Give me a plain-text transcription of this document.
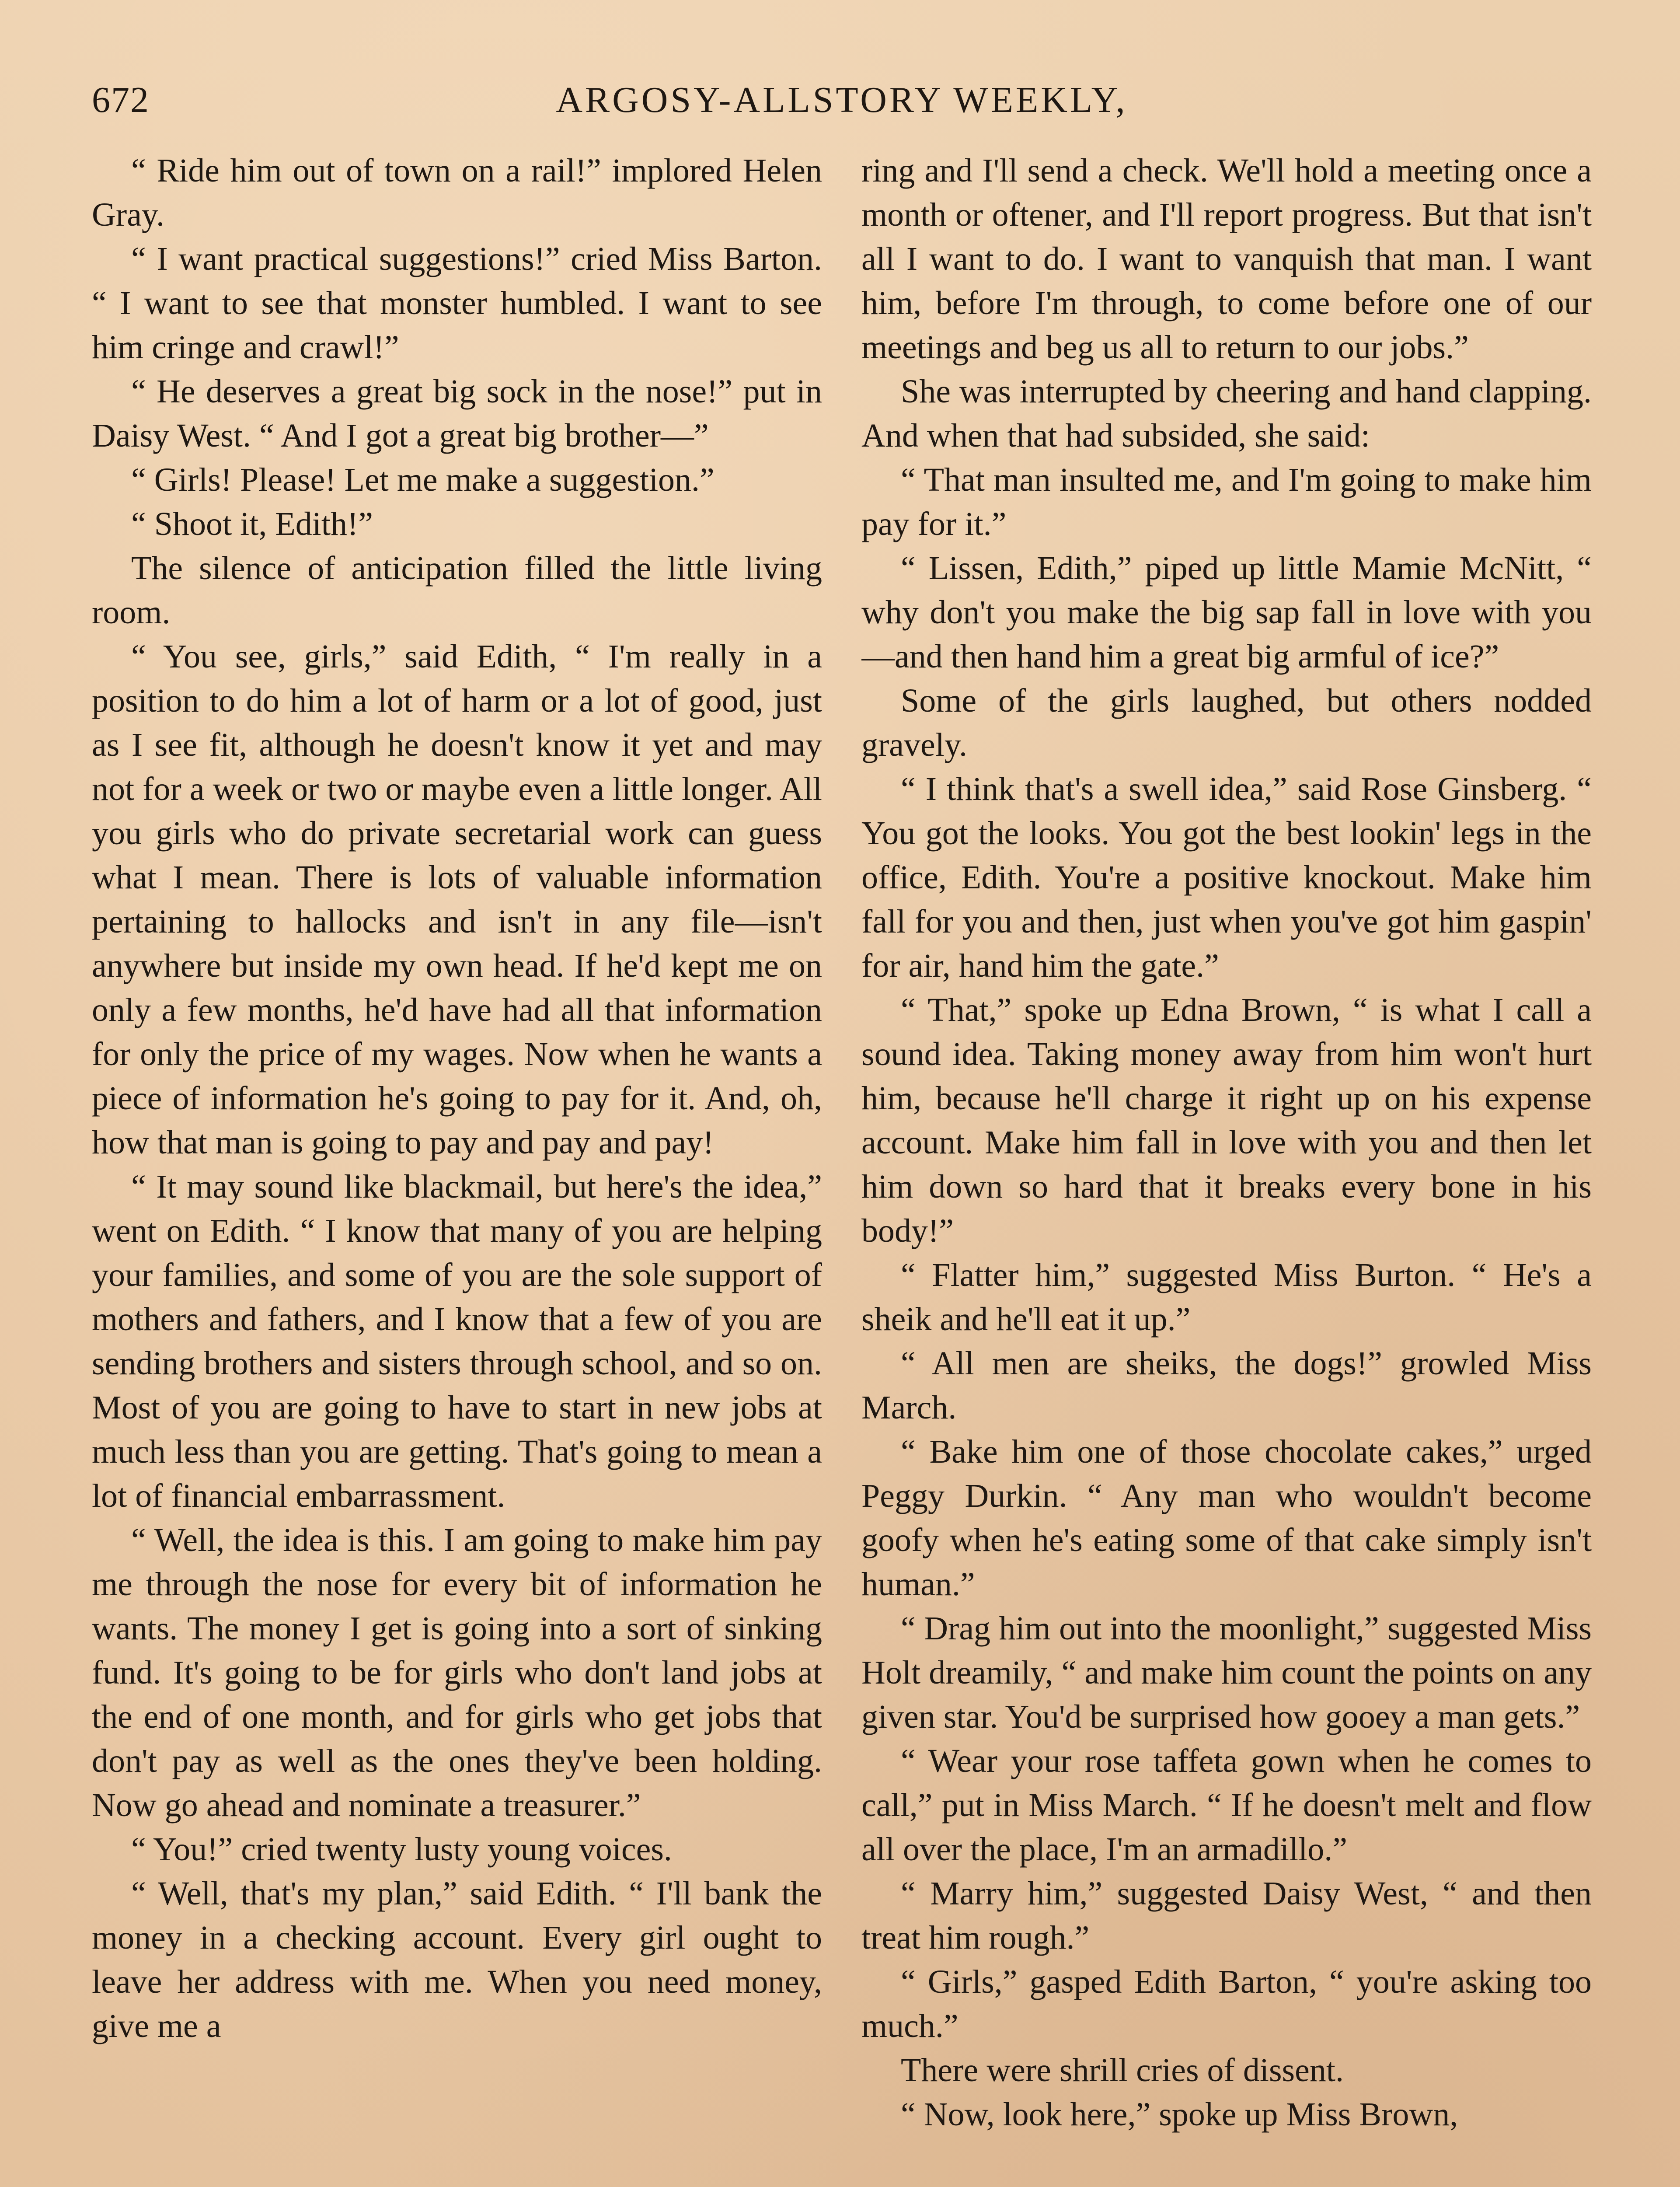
672	ARGOSY-ALLSTORY WEEKLY,

“ Ride him out of town on a rail!” implored Helen Gray.

“ I want practical suggestions!” cried Miss Barton. “ I want to see that monster humbled. I want to see him cringe and crawl!”

“ He deserves a great big sock in the nose!” put in Daisy West. “ And I got a great big brother—”

“ Girls! Please! Let me make a suggestion.”

“ Shoot it, Edith!”

The silence of anticipation filled the little living room.

“ You see, girls,” said Edith, “ I'm really in a position to do him a lot of harm or a lot of good, just as I see fit, although he doesn't know it yet and may not for a week or two or maybe even a little longer. All you girls who do private secretarial work can guess what I mean. There is lots of valuable information pertaining to hallocks and isn't in any file—isn't anywhere but inside my own head. If he'd kept me on only a few months, he'd have had all that information for only the price of my wages. Now when he wants a piece of information he's going to pay for it. And, oh, how that man is going to pay and pay and pay!

“ It may sound like blackmail, but here's the idea,” went on Edith. “ I know that many of you are helping your families, and some of you are the sole support of mothers and fathers, and I know that a few of you are sending brothers and sisters through school, and so on. Most of you are going to have to start in new jobs at much less than you are getting. That's going to mean a lot of financial embarrassment.

“ Well, the idea is this. I am going to make him pay me through the nose for every bit of information he wants. The money I get is going into a sort of sinking fund. It's going to be for girls who don't land jobs at the end of one month, and for girls who get jobs that don't pay as well as the ones they've been holding. Now go ahead and nominate a treasurer.”

“ You!” cried twenty lusty young voices.

“ Well, that's my plan,” said Edith. “ I'll bank the money in a checking account. Every girl ought to leave her address with me. When you need money, give me a

ring and I'll send a check. We'll hold a meeting once a month or oftener, and I'll report progress. But that isn't all I want to do. I want to vanquish that man. I want him, before I'm through, to come before one of our meetings and beg us all to return to our jobs.”

She was interrupted by cheering and hand clapping. And when that had subsided, she said:

“ That man insulted me, and I'm going to make him pay for it.”

“ Lissen, Edith,” piped up little Mamie McNitt, “ why don't you make the big sap fall in love with you—and then hand him a great big armful of ice?”

Some of the girls laughed, but others nodded gravely.

“ I think that's a swell idea,” said Rose Ginsberg. “ You got the looks. You got the best lookin' legs in the office, Edith. You're a positive knockout. Make him fall for you and then, just when you've got him gaspin' for air, hand him the gate.”

“ That,” spoke up Edna Brown, “ is what I call a sound idea. Taking money away from him won't hurt him, because he'll charge it right up on his expense account. Make him fall in love with you and then let him down so hard that it breaks every bone in his body!”

“ Flatter him,” suggested Miss Burton. “ He's a sheik and he'll eat it up.”

“ All men are sheiks, the dogs!” growled Miss March.

“ Bake him one of those chocolate cakes,” urged Peggy Durkin. “ Any man who wouldn't become goofy when he's eating some of that cake simply isn't human.”

“ Drag him out into the moonlight,” suggested Miss Holt dreamily, “ and make him count the points on any given star. You'd be surprised how gooey a man gets.”

“ Wear your rose taffeta gown when he comes to call,” put in Miss March. “ If he doesn't melt and flow all over the place, I'm an armadillo.”

“ Marry him,” suggested Daisy West, “ and then treat him rough.”

“ Girls,” gasped Edith Barton, “ you're asking too much.”

There were shrill cries of dissent.

“ Now, look here,” spoke up Miss Brown,
